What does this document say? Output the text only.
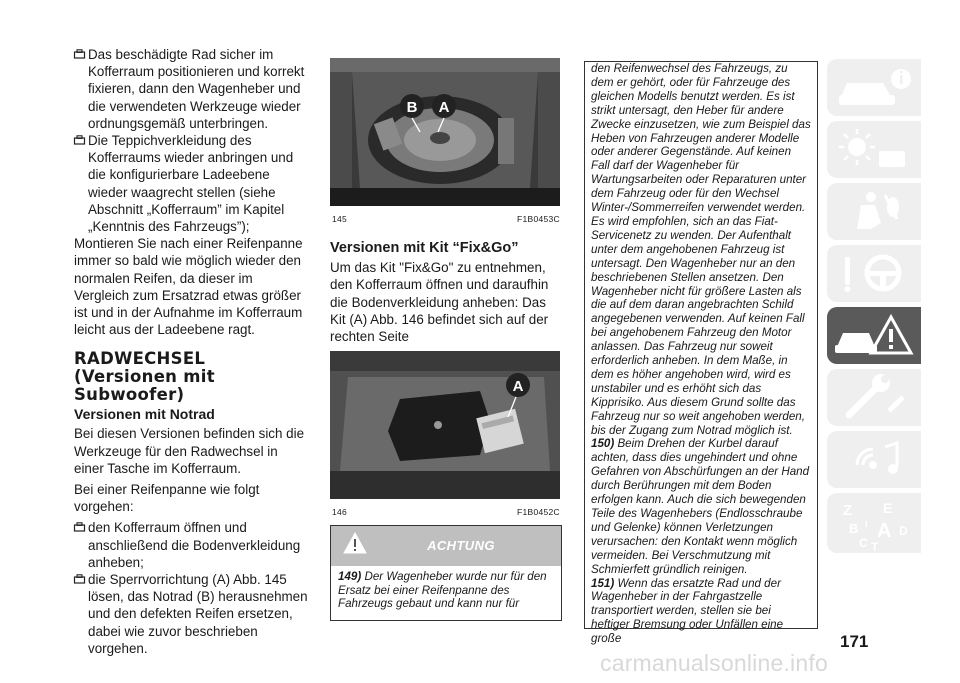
Das beschädigte Rad sicher im Kofferraum positionieren und korrekt fixieren, dann den Wagenheber und die verwendeten Werkzeuge wieder ordnungsgemäß unterbringen.

Die Teppichverkleidung des Kofferraums wieder anbringen und die konfigurierbare Ladeebene wieder waagrecht stellen (siehe Abschnitt „Kofferraum” im Kapitel „Kenntnis des Fahrzeugs”);

Montieren Sie nach einer Reifenpanne immer so bald wie möglich wieder den normalen Reifen, da dieser im Vergleich zum Ersatzrad etwas größer ist und in der Aufnahme im Kofferraum leicht aus der Ladeebene ragt.

RADWECHSEL
(Versionen mit
Subwoofer)
Versionen mit Notrad

Bei diesen Versionen befinden sich die Werkzeuge für den Radwechsel in einer Tasche im Kofferraum.

Bei einer Reifenpanne wie folgt vorgehen:

den Kofferraum öffnen und anschließend die Bodenverkleidung anheben;

die Sperrvorrichtung (A) Abb. 145 lösen, das Notrad (B) herausnehmen und den defekten Reifen ersetzen, dabei wie zuvor beschrieben vorgehen.

B A
145	F1B0453C
Versionen mit Kit “Fix&Go”

Um das Kit "Fix&Go" zu entnehmen, den Kofferraum öffnen und daraufhin die Bodenverkleidung anheben: Das Kit (A) Abb. 146 befindet sich auf der rechten Seite

A
146	F1B0452C
ACHTUNG
149) Der Wagenheber wurde nur für den Ersatz bei einer Reifenpanne des Fahrzeugs gebaut und kann nur für

den Reifenwechsel des Fahrzeugs, zu dem er gehört, oder für Fahrzeuge des gleichen Modells benutzt werden. Es ist strikt untersagt, den Heber für andere Zwecke einzusetzen, wie zum Beispiel das Heben von Fahrzeugen anderer Modelle oder anderer Gegenstände. Auf keinen Fall darf der Wagenheber für Wartungsarbeiten oder Reparaturen unter dem Fahrzeug oder für den Wechsel Winter-/Sommerreifen verwendet werden. Es wird empfohlen, sich an das Fiat-Servicenetz zu wenden. Der Aufenthalt unter dem angehobenen Fahrzeug ist untersagt. Den Wagenheber nur an den beschriebenen Stellen ansetzen. Den Wagenheber nicht für größere Lasten als die auf dem daran angebrachten Schild angegebenen verwenden. Auf keinen Fall bei angehobenem Fahrzeug den Motor anlassen. Das Fahrzeug nur soweit erforderlich anheben. In dem Maße, in dem es höher angehoben wird, wird es unstabiler und es erhöht sich das Kipprisiko. Aus diesem Grund sollte das Fahrzeug nur so weit angehoben werden, bis der Zugang zum Notrad möglich ist.

150) Beim Drehen der Kurbel darauf achten, dass dies ungehindert und ohne Gefahren von Abschürfungen an der Hand durch Berührungen mit dem Boden erfolgen kann. Auch die sich bewegenden Teile des Wagenhebers (Endlosschraube und Gelenke) können Verletzungen verursachen: den Kontakt wenn möglich vermeiden. Bei Verschmutzung mit Schmierfett gründlich reinigen.

151) Wenn das ersatzte Rad und der Wagenheber in der Fahrgastzelle transportiert werden, stellen sie bei heftiger Bremsung oder Unfällen eine große

Z E
B A
C T
D
I
171
carmanualsonline.info
